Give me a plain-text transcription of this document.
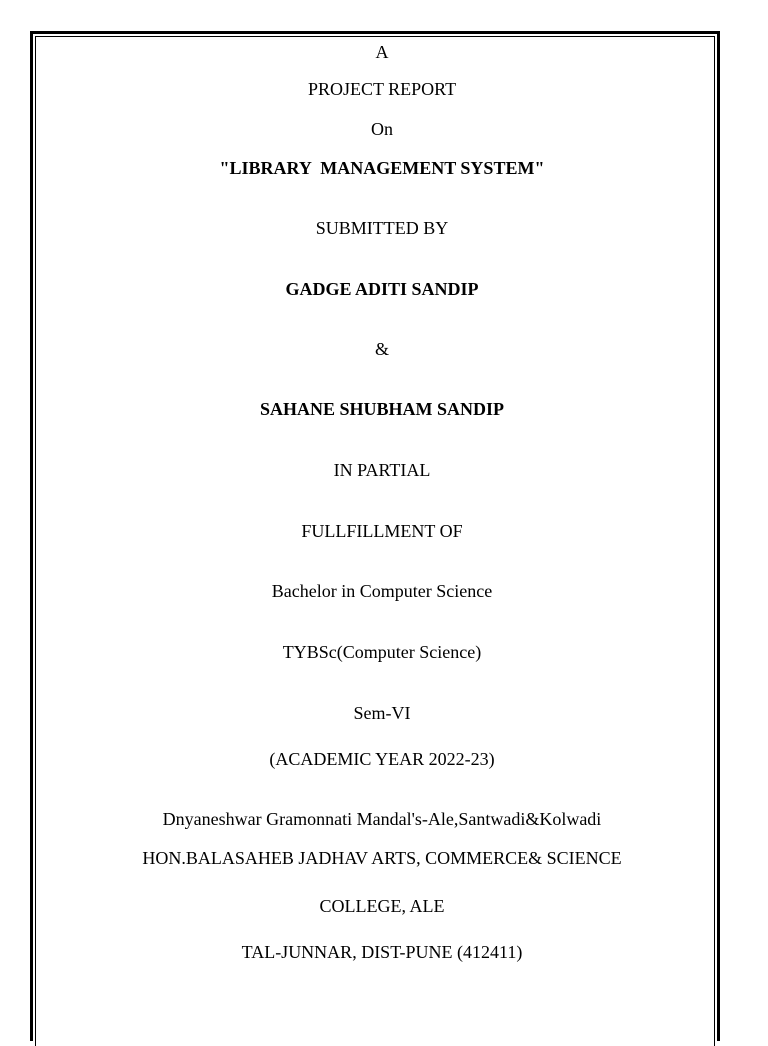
A
PROJECT REPORT
On
"LIBRARY  MANAGEMENT SYSTEM"
SUBMITTED BY
GADGE ADITI SANDIP
&
SAHANE SHUBHAM SANDIP
IN PARTIAL
FULLFILLMENT OF
Bachelor in Computer Science
TYBSc(Computer Science)
Sem-VI
(ACADEMIC YEAR 2022-23)
Dnyaneshwar Gramonnati Mandal's-Ale,Santwadi&Kolwadi
HON.BALASAHEB JADHAV ARTS, COMMERCE& SCIENCE
COLLEGE, ALE
TAL-JUNNAR, DIST-PUNE (412411)
